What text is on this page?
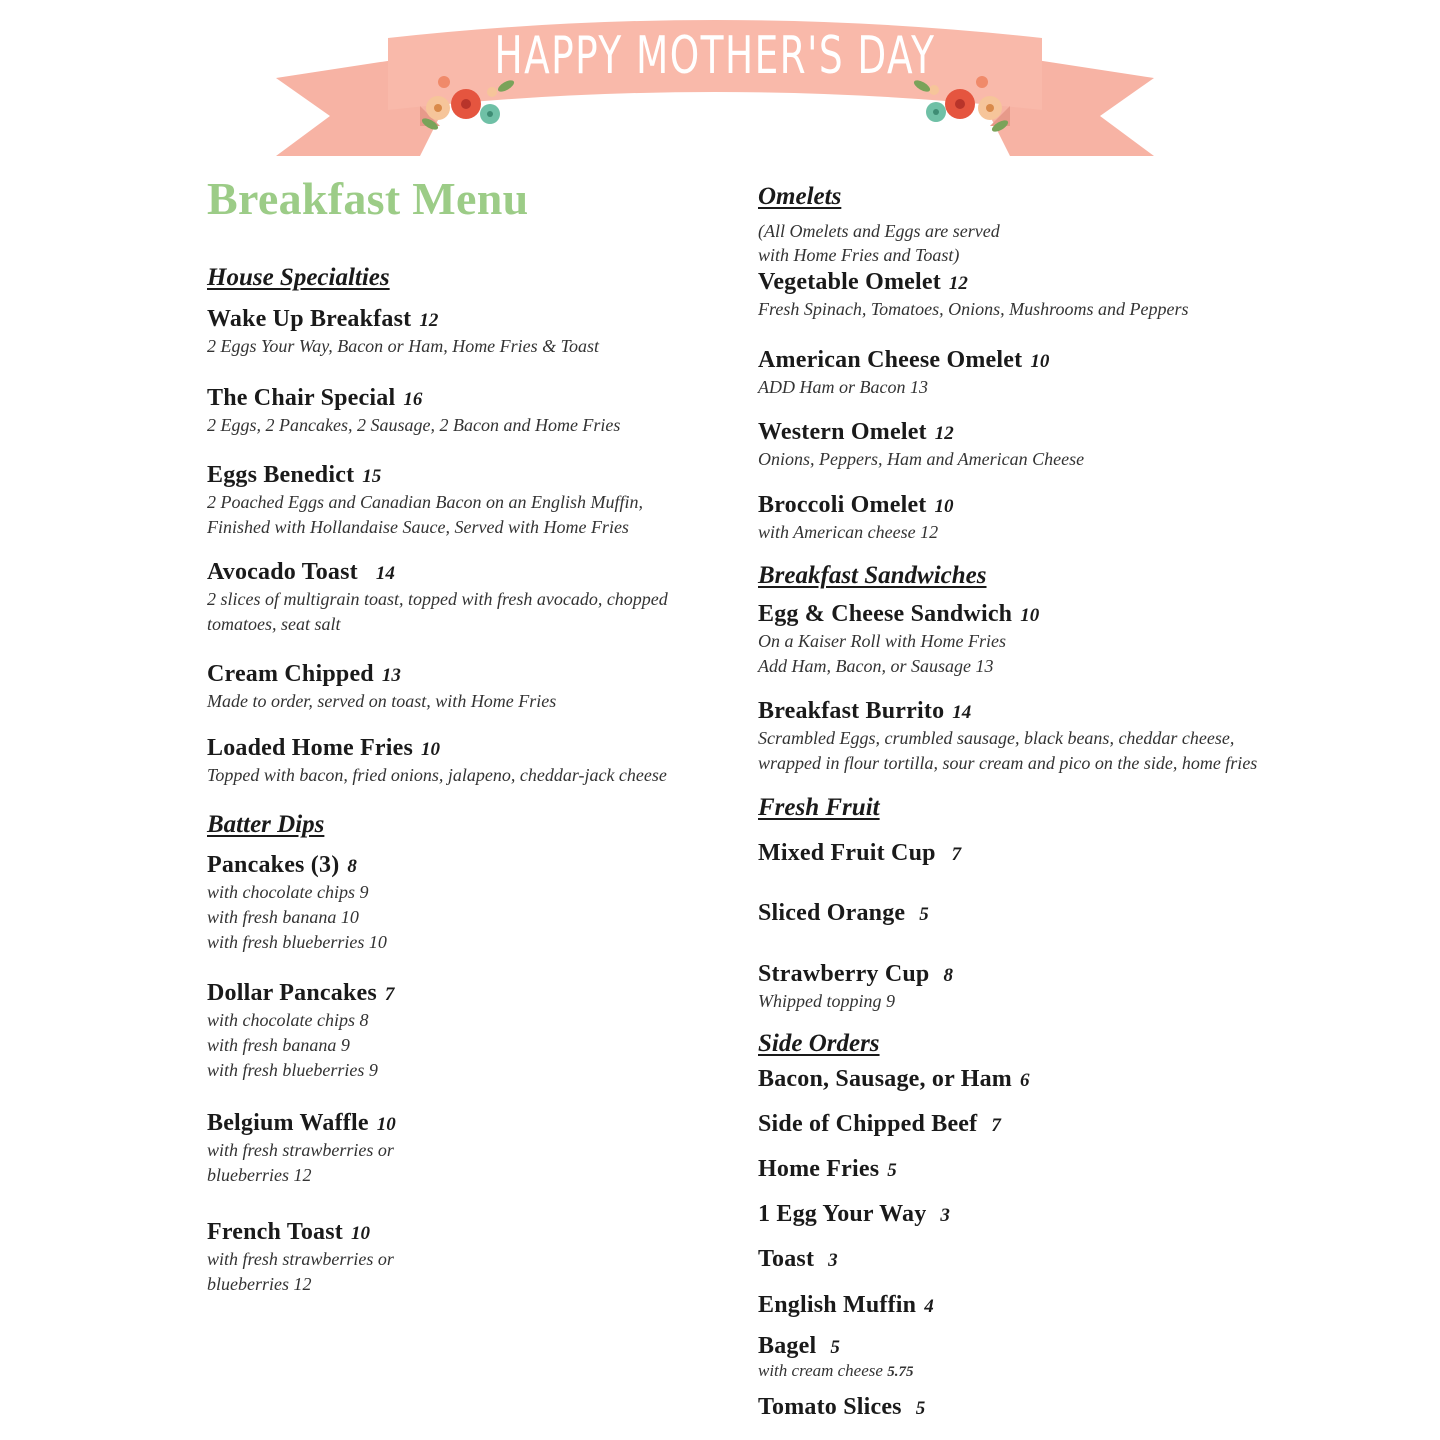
HAPPY MOTHER'S DAY
Breakfast Menu
House Specialties
Wake Up Breakfast 12
2 Eggs Your Way, Bacon or Ham, Home Fries & Toast
The Chair Special 16
2 Eggs, 2 Pancakes, 2 Sausage, 2 Bacon and Home Fries
Eggs Benedict 15
2 Poached Eggs and Canadian Bacon on an English Muffin,
Finished with Hollandaise Sauce, Served with Home Fries
Avocado Toast 14
2 slices of multigrain toast, topped with fresh avocado, chopped
tomatoes, seat salt
Cream Chipped 13
Made to order, served on toast, with Home Fries
Loaded Home Fries 10
Topped with bacon, fried onions, jalapeno, cheddar-jack cheese
Batter Dips
Pancakes (3) 8
with chocolate chips 9
with fresh banana 10
with fresh blueberries 10
Dollar Pancakes 7
with chocolate chips 8
with fresh banana 9
with fresh blueberries 9
Belgium Waffle 10
with fresh strawberries or
blueberries 12
French Toast 10
with fresh strawberries or
blueberries 12
Omelets
(All Omelets and Eggs are served
with Home Fries and Toast)
Vegetable Omelet 12
Fresh Spinach, Tomatoes, Onions, Mushrooms and Peppers
American Cheese Omelet 10
ADD Ham or Bacon 13
Western Omelet 12
Onions, Peppers, Ham and American Cheese
Broccoli Omelet 10
with American cheese 12
Breakfast Sandwiches
Egg & Cheese Sandwich 10
On a Kaiser Roll with Home Fries
Add Ham, Bacon, or Sausage 13
Breakfast Burrito 14
Scrambled Eggs, crumbled sausage, black beans, cheddar cheese,
wrapped in flour tortilla, sour cream and pico on the side, home fries
Fresh Fruit
Mixed Fruit Cup 7
Sliced Orange 5
Strawberry Cup 8
Whipped topping 9
Side Orders
Bacon, Sausage, or Ham 6
Side of Chipped Beef 7
Home Fries 5
1 Egg Your Way 3
Toast 3
English Muffin 4
Bagel 5
with cream cheese 5.75
Tomato Slices 5
